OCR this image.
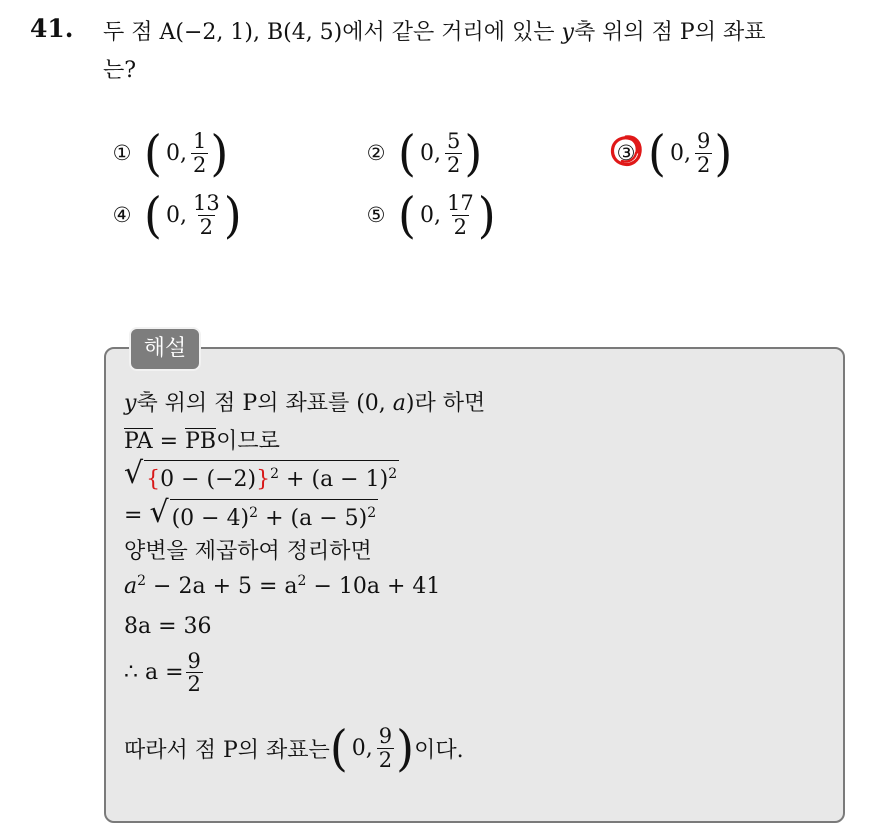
41. 두 점 A(−2, 1), B(4, 5)에서 같은 거리에 있는 y축 위의 점 P의 좌표
는?
① ( 0, $\frac{1}{2}$ )	② ( 0, $\frac{5}{2}$ )	③ ( 0, $\frac{9}{2}$ )
④ ( 0, $\frac{13}{2}$ )	⑤ ( 0, $\frac{17}{2}$ )
해설
y축 위의 점 P의 좌표를 (0, a)라 하면
PA = PB이므로
√ $\{0 - (-2)\}^2 + (a - 1)^2$
= √ $(0 - 4)^2 + (a - 5)^2$
양변을 제곱하여 정리하면
$a^2 - 2a + 5 = a^2 - 10a + 41$
8a = 36
∴ $a = \frac{9}{2}$
따라서 점 P의 좌표는 ( 0, $\frac{9}{2}$ ) 이다.
